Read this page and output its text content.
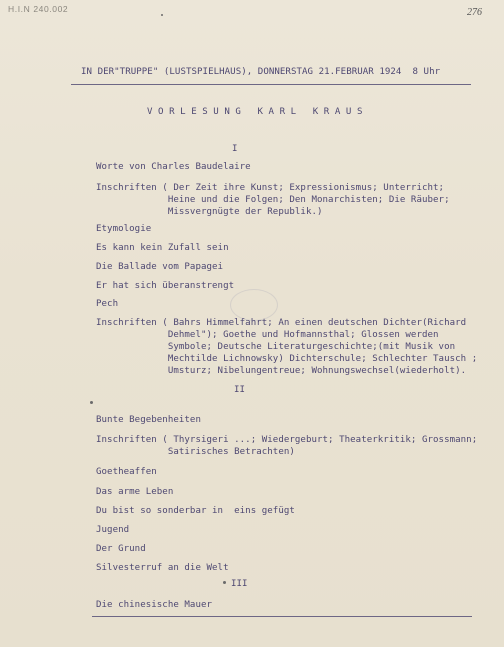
H.I.N 240.002	276
IN DER"TRUPPE" (LUSTSPIELHAUS), DONNERSTAG 21.FEBRUAR 1924  8 Uhr
V O R L E S U N G   K A R L   K R A U S
I
Worte von Charles Baudelaire
Inschriften ( Der Zeit ihre Kunst; Expressionismus; Unterricht;
Heine und die Folgen; Den Monarchisten; Die Räuber;
Missvergnügte der Republik.)
Etymologie
Es kann kein Zufall sein
Die Ballade vom Papagei
Er hat sich überanstrengt
Pech
Inschriften ( Bahrs Himmelfahrt; An einen deutschen Dichter(Richard
Dehmel"); Goethe und Hofmannsthal; Glossen werden
Symbole; Deutsche Literaturgeschichte;(mit Musik von
Mechtilde Lichnowsky) Dichterschule; Schlechter Tausch ;
Umsturz; Nibelungentreue; Wohnungswechsel(wiederholt).
II
Bunte Begebenheiten
Inschriften ( Thyrsigeri ...; Wiedergeburt; Theaterkritik; Grossmann;
Satirisches Betrachten)
Goetheaffen
Das arme Leben
Du bist so sonderbar in  eins gefügt
Jugend
Der Grund
Silvesterruf an die Welt
III
Die chinesische Mauer
